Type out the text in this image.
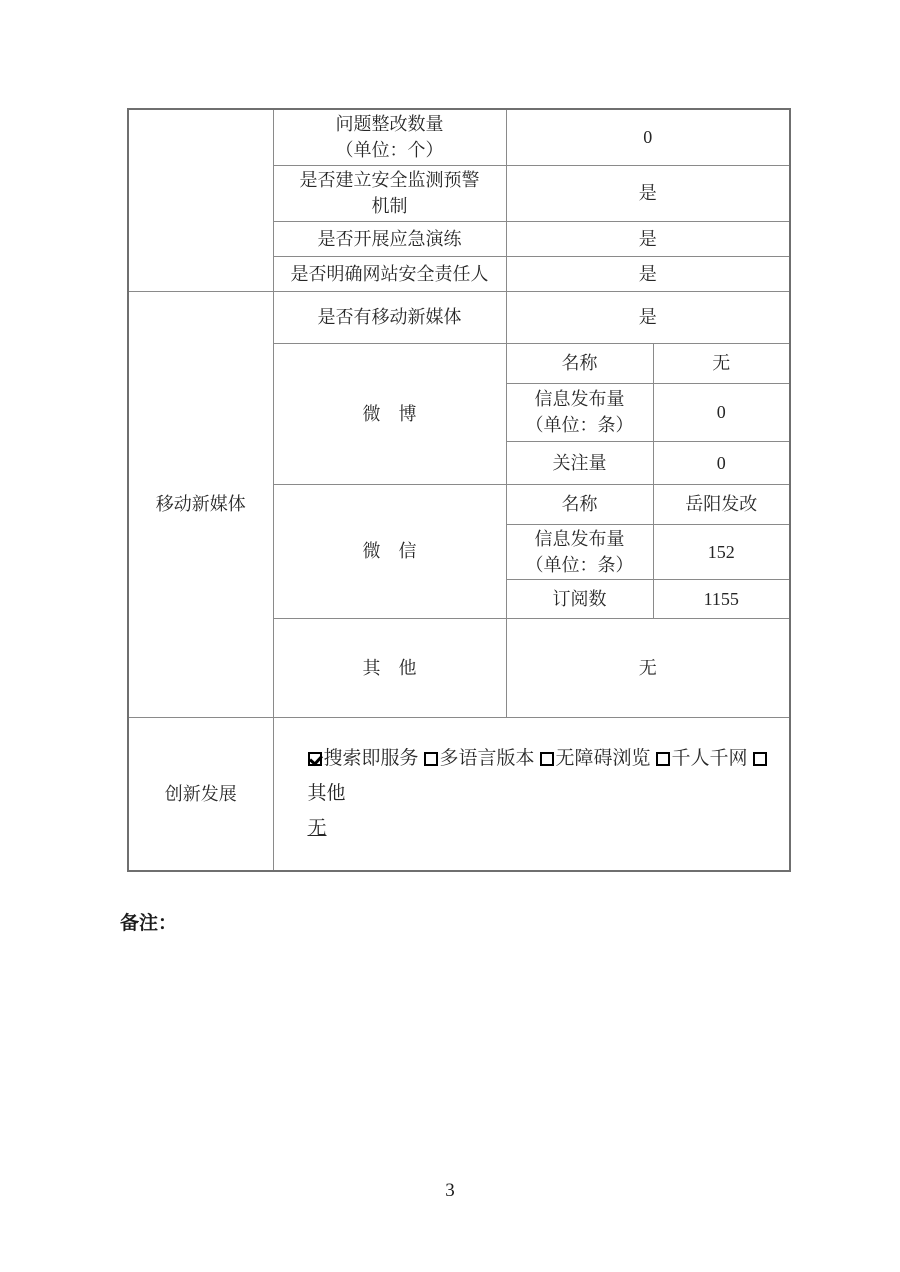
	问题整改数量
（单位：个）	0	

	是否建立安全监测预警
机制	是	
	是否开展应急演练	是	
	是否明确网站安全责任人	是	
移动新媒体	是否有移动新媒体	是	
	微　博	名称	无

		信息发布量
（单位：条）	0
		关注量	0
	微　信	名称	岳阳发改

		信息发布量
（单位：条）	152
		订阅数	1155
	其　他	无	
创新发展	搜索即服务 多语言版本 无障碍浏览 千人千网其他
无		
备注：
3
